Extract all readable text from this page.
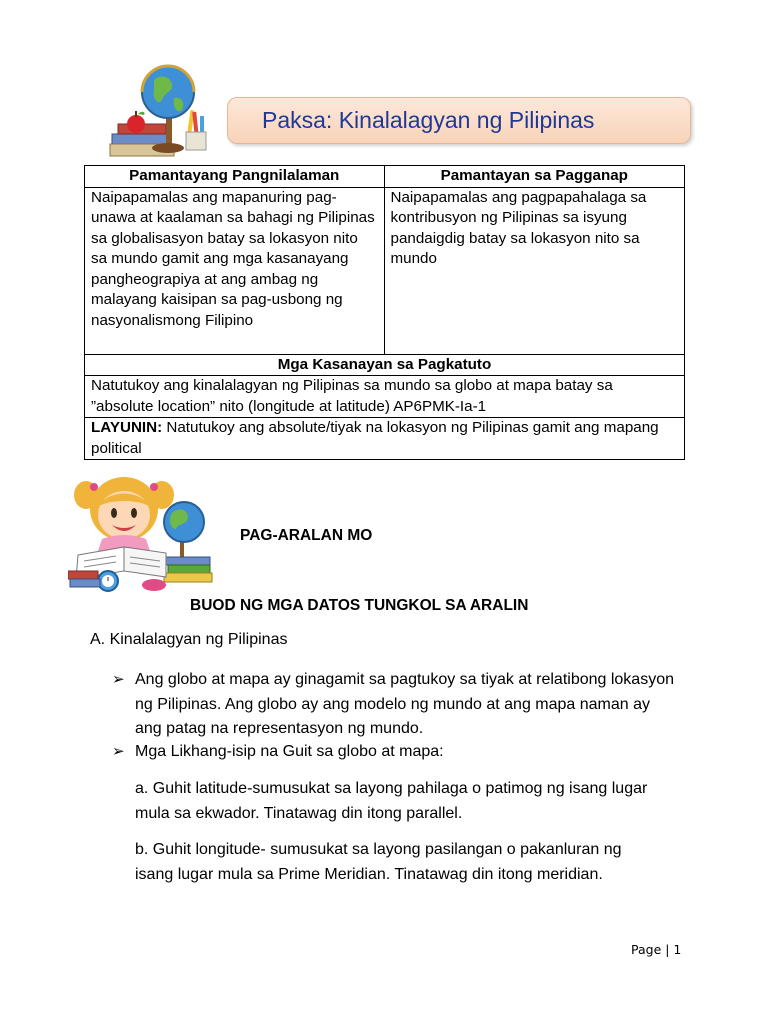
Paksa: Kinalalagyan ng Pilipinas
Pamantayang Pangnilalaman	Pamantayan sa Pagganap
Naipapamalas ang mapanuring pag-unawa at kaalaman sa bahagi ng Pilipinas sa globalisasyon batay sa lokasyon nito sa mundo gamit ang mga kasanayang pangheograpiya at ang ambag ng malayang kaisipan sa pag-usbong ng nasyonalismong Filipino	Naipapamalas ang pagpapahalaga sa kontribusyon ng Pilipinas sa isyung pandaigdig batay sa lokasyon nito sa mundo
Mga Kasanayan sa Pagkatuto	
Natutukoy ang kinalalagyan ng Pilipinas sa mundo sa globo at mapa batay sa ”absolute location” nito (longitude at latitude) AP6PMK-Ia-1	
LAYUNIN: Natutukoy ang absolute/tiyak na lokasyon ng Pilipinas gamit ang mapang political	
PAG-ARALAN MO
BUOD NG MGA DATOS TUNGKOL SA ARALIN
A. Kinalalagyan ng Pilipinas
➢ Ang globo at mapa ay ginagamit sa pagtukoy sa tiyak at relatibong lokasyon ng Pilipinas. Ang globo ay ang modelo ng mundo at ang mapa naman ay ang patag na representasyon ng mundo.
➢ Mga Likhang-isip na Guit sa globo at mapa:
a. Guhit latitude-sumusukat sa layong pahilaga o patimog ng isang lugar mula sa ekwador. Tinatawag din itong parallel.
b. Guhit longitude- sumusukat sa layong pasilangan o pakanluran ng isang lugar mula sa Prime Meridian. Tinatawag din itong meridian.
Page | 1
